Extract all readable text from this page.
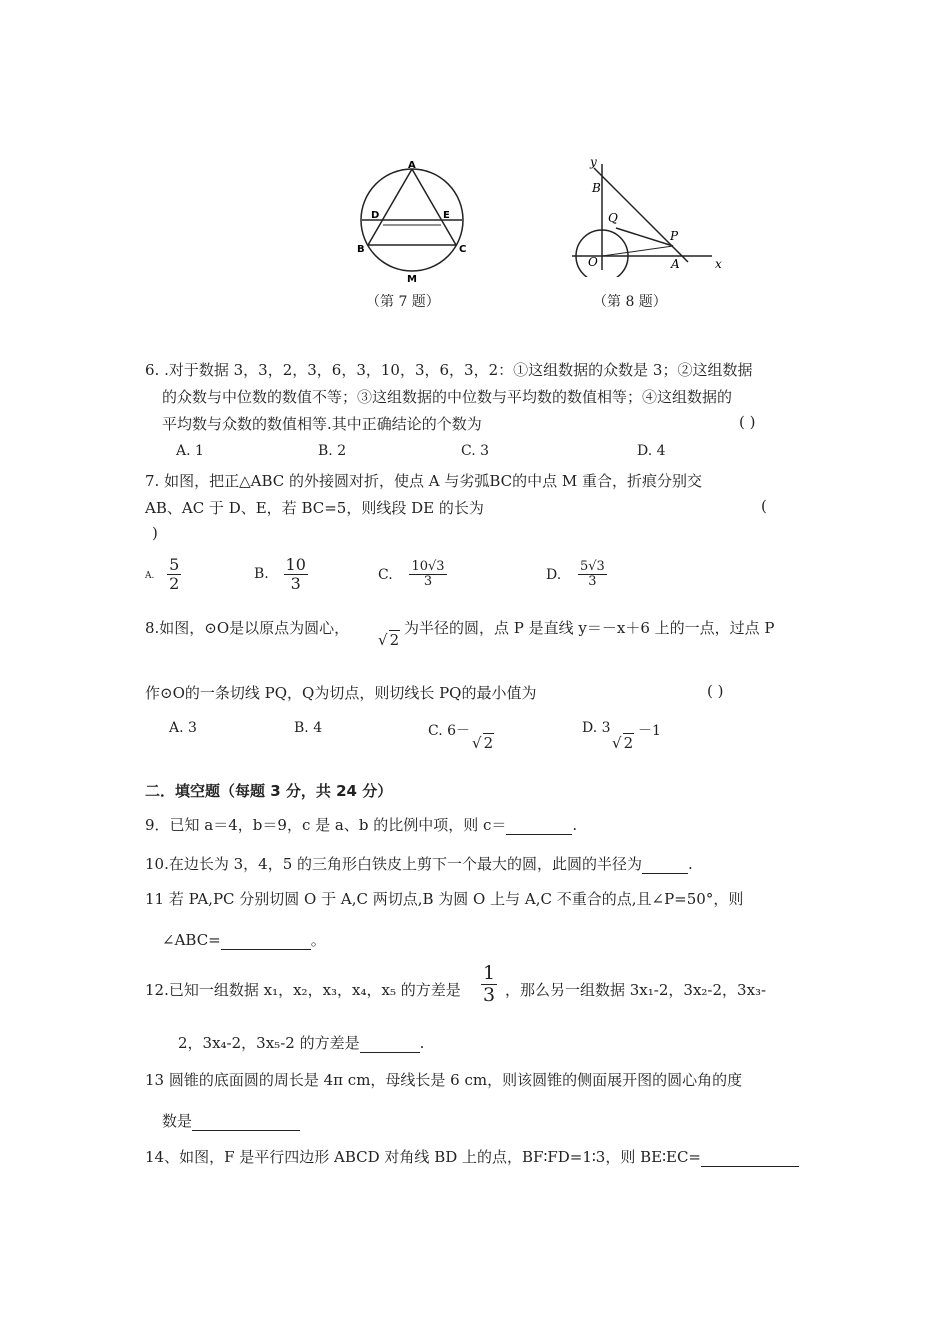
A
D	E
B	C
M
（第 7 题）
y
B
Q
P
O	A	x
（第 8 题）
6. .对于数据 3，3，2，3，6，3，10，3，6，3，2：①这组数据的众数是 3；②这组数据
的众数与中位数的数值不等；③这组数据的中位数与平均数的数值相等；④这组数据的
平均数与众数的数值相等.其中正确结论的个数为	( )
A. 1	B. 2	C. 3	D. 4
7. 如图，把正△ABC 的外接圆对折，使点 A 与劣弧BC的中点 M 重合，折痕分别交
AB、AC 于 D、E，若 BC=5，则线段 DE 的长为	(
)
A. $\frac{5}{2}$	B. $\frac{10}{3}$	C. $\frac{10√3}{3}$	D. $\frac{5√3}{3}$
8.如图，⊙O是以原点为圆心，
√ 2
为半径的圆，点 P 是直线 y＝－x＋6 上的一点，过点 P
作⊙O的一条切线 PQ，Q为切点，则切线长 PQ的最小值为	( )
A. 3	B. 4	C. 6－
√ 2
D. 3
√ 2
－1
二．填空题（每题 3 分，共 24 分）
9．已知 a＝4，b＝9，c 是 a、b 的比例中项，则 c＝	.
10.在边长为 3，4，5 的三角形白铁皮上剪下一个最大的圆，此圆的半径为	.
11 若 PA,PC 分别切圆 O 于 A,C 两切点,B 为圆 O 上与 A,C 不重合的点,且∠P=50°，则
∠ABC=	。
12.已知一组数据 x₁，x₂，x₃，x₄，x₅ 的方差是 $\frac{1}{3}$ ，那么另一组数据 3x₁-2，3x₂-2，3x₃-
2，3x₄-2，3x₅-2 的方差是	.
13 圆锥的底面圆的周长是 4π cm，母线长是 6 cm，则该圆锥的侧面展开图的圆心角的度
数是
14、如图，F 是平行四边形 ABCD 对角线 BD 上的点，BF∶FD=1∶3，则 BE∶EC=
